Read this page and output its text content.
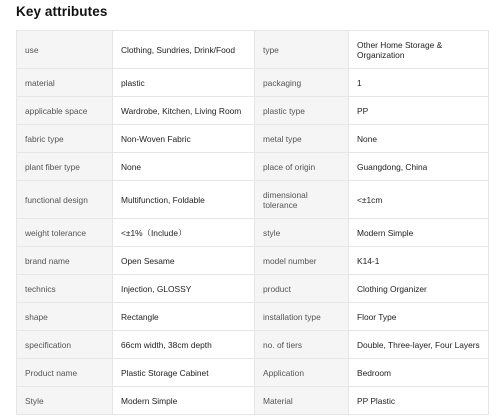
Key attributes
use	Clothing, Sundries, Drink/Food	type	Other Home Storage & Organization
material	plastic	packaging	1
applicable space	Wardrobe, Kitchen, Living Room	plastic type	PP
fabric type	Non-Woven Fabric	metal type	None
plant fiber type	None	place of origin	Guangdong, China
functional design	Multifunction, Foldable	dimensional tolerance	<±1cm
weight tolerance	<±1%（Include）	style	Modern Simple
brand name	Open Sesame	model number	K14-1
technics	Injection, GLOSSY	product	Clothing Organizer
shape	Rectangle	installation type	Floor Type
specification	66cm width, 38cm depth	no. of tiers	Double, Three-layer, Four Layers
Product name	Plastic Storage Cabinet	Application	Bedroom
Style	Modern Simple	Material	PP Plastic
